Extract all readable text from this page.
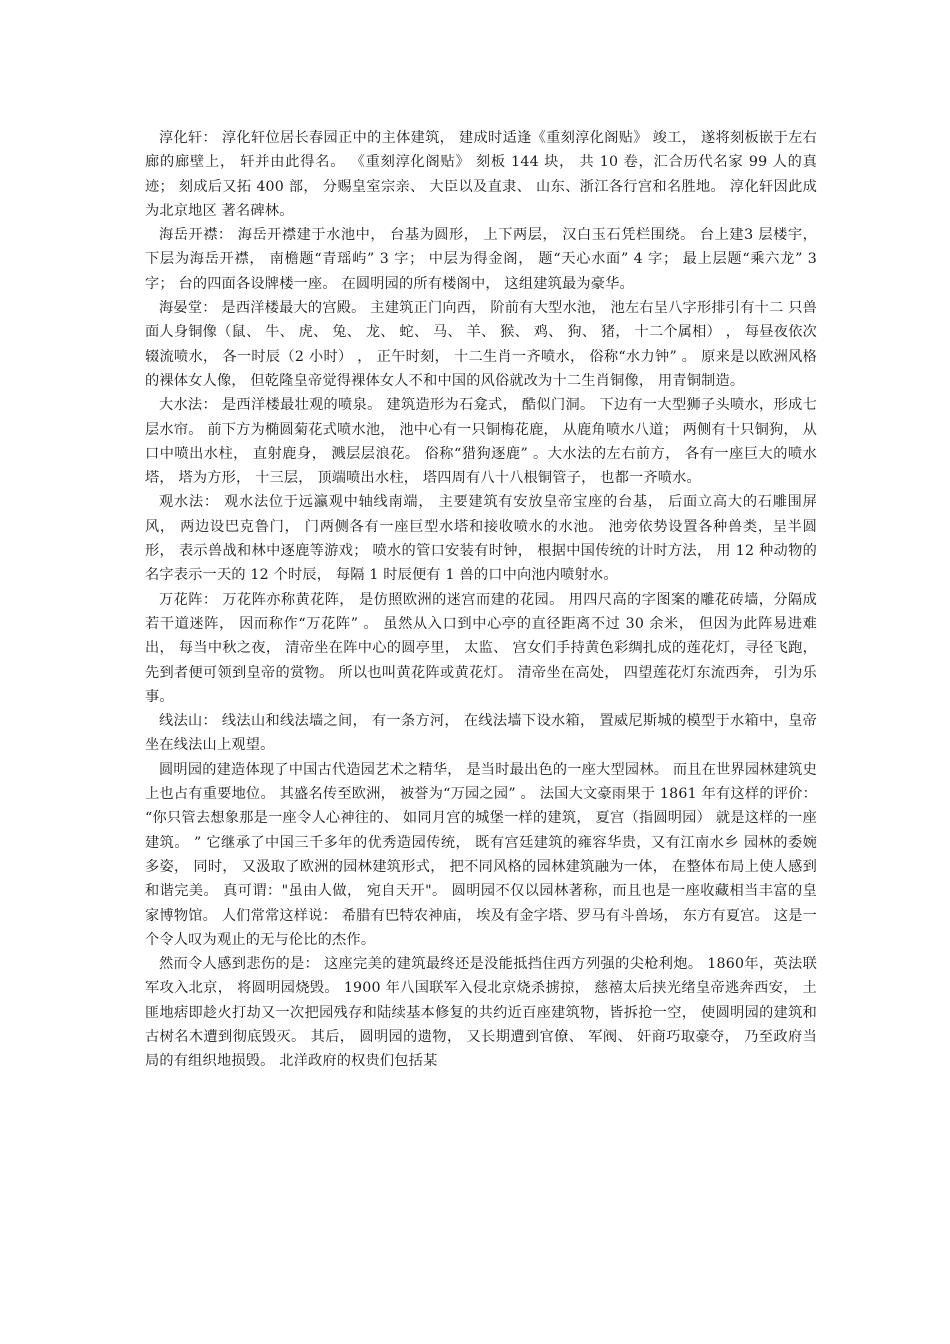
淳化轩： 淳化轩位居长春园正中的主体建筑， 建成时适逢《重刻淳化阁贴》 竣工， 遂将刻板嵌于左右廊的廊壁上， 轩并由此得名。 《重刻淳化阁贴》 刻板 144 块， 共 10 卷，汇合历代名家 99 人的真迹； 刻成后又拓 400 部， 分赐皇室宗亲、 大臣以及直隶、 山东、浙江各行宫和名胜地。 淳化轩因此成为北京地区 著名碑林。

海岳开襟： 海岳开襟建于水池中， 台基为圆形， 上下两层， 汉白玉石凭栏围绕。 台上建3 层楼宇， 下层为海岳开襟， 南檐题“青瑶屿” 3 字； 中层为得金阁， 题“天心水面” 4 字； 最上层题“乘六龙” 3 字； 台的四面各设牌楼一座。 在圆明园的所有楼阁中， 这组建筑最为豪华。

海晏堂： 是西洋楼最大的宫殿。 主建筑正门向西， 阶前有大型水池， 池左右呈八字形排引有十二 只兽面人身铜像（鼠、 牛、 虎、 兔、 龙、 蛇、 马、 羊、 猴、 鸡、 狗、 猪， 十二个属相） ， 每昼夜依次辍流喷水， 各一时辰（2 小时） ， 正午时刻， 十二生肖一齐喷水， 俗称“水力钟” 。 原来是以欧洲风格的裸体女人像， 但乾隆皇帝觉得裸体女人不和中国的风俗就改为十二生肖铜像， 用青铜制造。

大水法： 是西洋楼最壮观的喷泉。 建筑造形为石龛式， 酷似门洞。 下边有一大型狮子头喷水，形成七层水帘。 前下方为椭圆菊花式喷水池， 池中心有一只铜梅花鹿， 从鹿角喷水八道； 两侧有十只铜狗， 从口中喷出水柱， 直射鹿身， 溅层层浪花。 俗称“猎狗逐鹿” 。大水法的左右前方， 各有一座巨大的喷水塔， 塔为方形， 十三层， 顶端喷出水柱， 塔四周有八十八根铜管子， 也都一齐喷水。

观水法： 观水法位于远瀛观中轴线南端， 主要建筑有安放皇帝宝座的台基， 后面立高大的石雕围屏风， 两边设巴克鲁门， 门两侧各有一座巨型水塔和接收喷水的水池。 池旁依势设置各种兽类，呈半圆形， 表示兽战和林中逐鹿等游戏； 喷水的管口安装有时钟， 根据中国传统的计时方法， 用 12 种动物的名字表示一天的 12 个时辰， 每隔 1 时辰便有 1 兽的口中向池内喷射水。

万花阵： 万花阵亦称黄花阵， 是仿照欧洲的迷宫而建的花园。 用四尺高的字图案的雕花砖墙，分隔成若干道迷阵， 因而称作“万花阵” 。 虽然从入口到中心亭的直径距离不过 30 余米， 但因为此阵易进难出， 每当中秋之夜， 清帝坐在阵中心的圆亭里， 太监、 宫女们手持黄色彩绸扎成的莲花灯，寻径飞跑， 先到者便可领到皇帝的赏物。 所以也叫黄花阵或黄花灯。 清帝坐在高处， 四望莲花灯东流西奔， 引为乐事。

线法山： 线法山和线法墙之间， 有一条方河， 在线法墙下设水箱， 置威尼斯城的模型于水箱中，皇帝坐在线法山上观望。

圆明园的建造体现了中国古代造园艺术之精华， 是当时最出色的一座大型园林。 而且在世界园林建筑史上也占有重要地位。 其盛名传至欧洲， 被誉为“万园之园” 。 法国大文豪雨果于 1861 年有这样的评价： “你只管去想象那是一座令人心神往的、 如同月宫的城堡一样的建筑， 夏宫（指圆明园） 就是这样的一座建筑。 ” 它继承了中国三千多年的优秀造园传统， 既有宫廷建筑的雍容华贵，又有江南水乡 园林的委婉多姿， 同时， 又汲取了欧洲的园林建筑形式， 把不同风格的园林建筑融为一体， 在整体布局上使人感到和谐完美。 真可谓："虽由人做， 宛自天开"。 圆明园不仅以园林著称，而且也是一座收藏相当丰富的皇家博物馆。 人们常常这样说： 希腊有巴特农神庙， 埃及有金字塔、罗马有斗兽场， 东方有夏宫。 这是一个令人叹为观止的无与伦比的杰作。

然而令人感到悲伤的是： 这座完美的建筑最终还是没能抵挡住西方列强的尖枪利炮。 1860年，英法联军攻入北京， 将圆明园烧毁。 1900 年八国联军入侵北京烧杀掳掠， 慈禧太后挟光绪皇帝逃奔西安， 土匪地痞即趁火打劫又一次把园残存和陆续基本修复的共约近百座建筑物，皆拆抢一空， 使圆明园的建筑和古树名木遭到彻底毁灭。 其后， 圆明园的遗物， 又长期遭到官僚、 军阀、 奸商巧取豪夺， 乃至政府当局的有组织地损毁。 北洋政府的权贵们包括某
